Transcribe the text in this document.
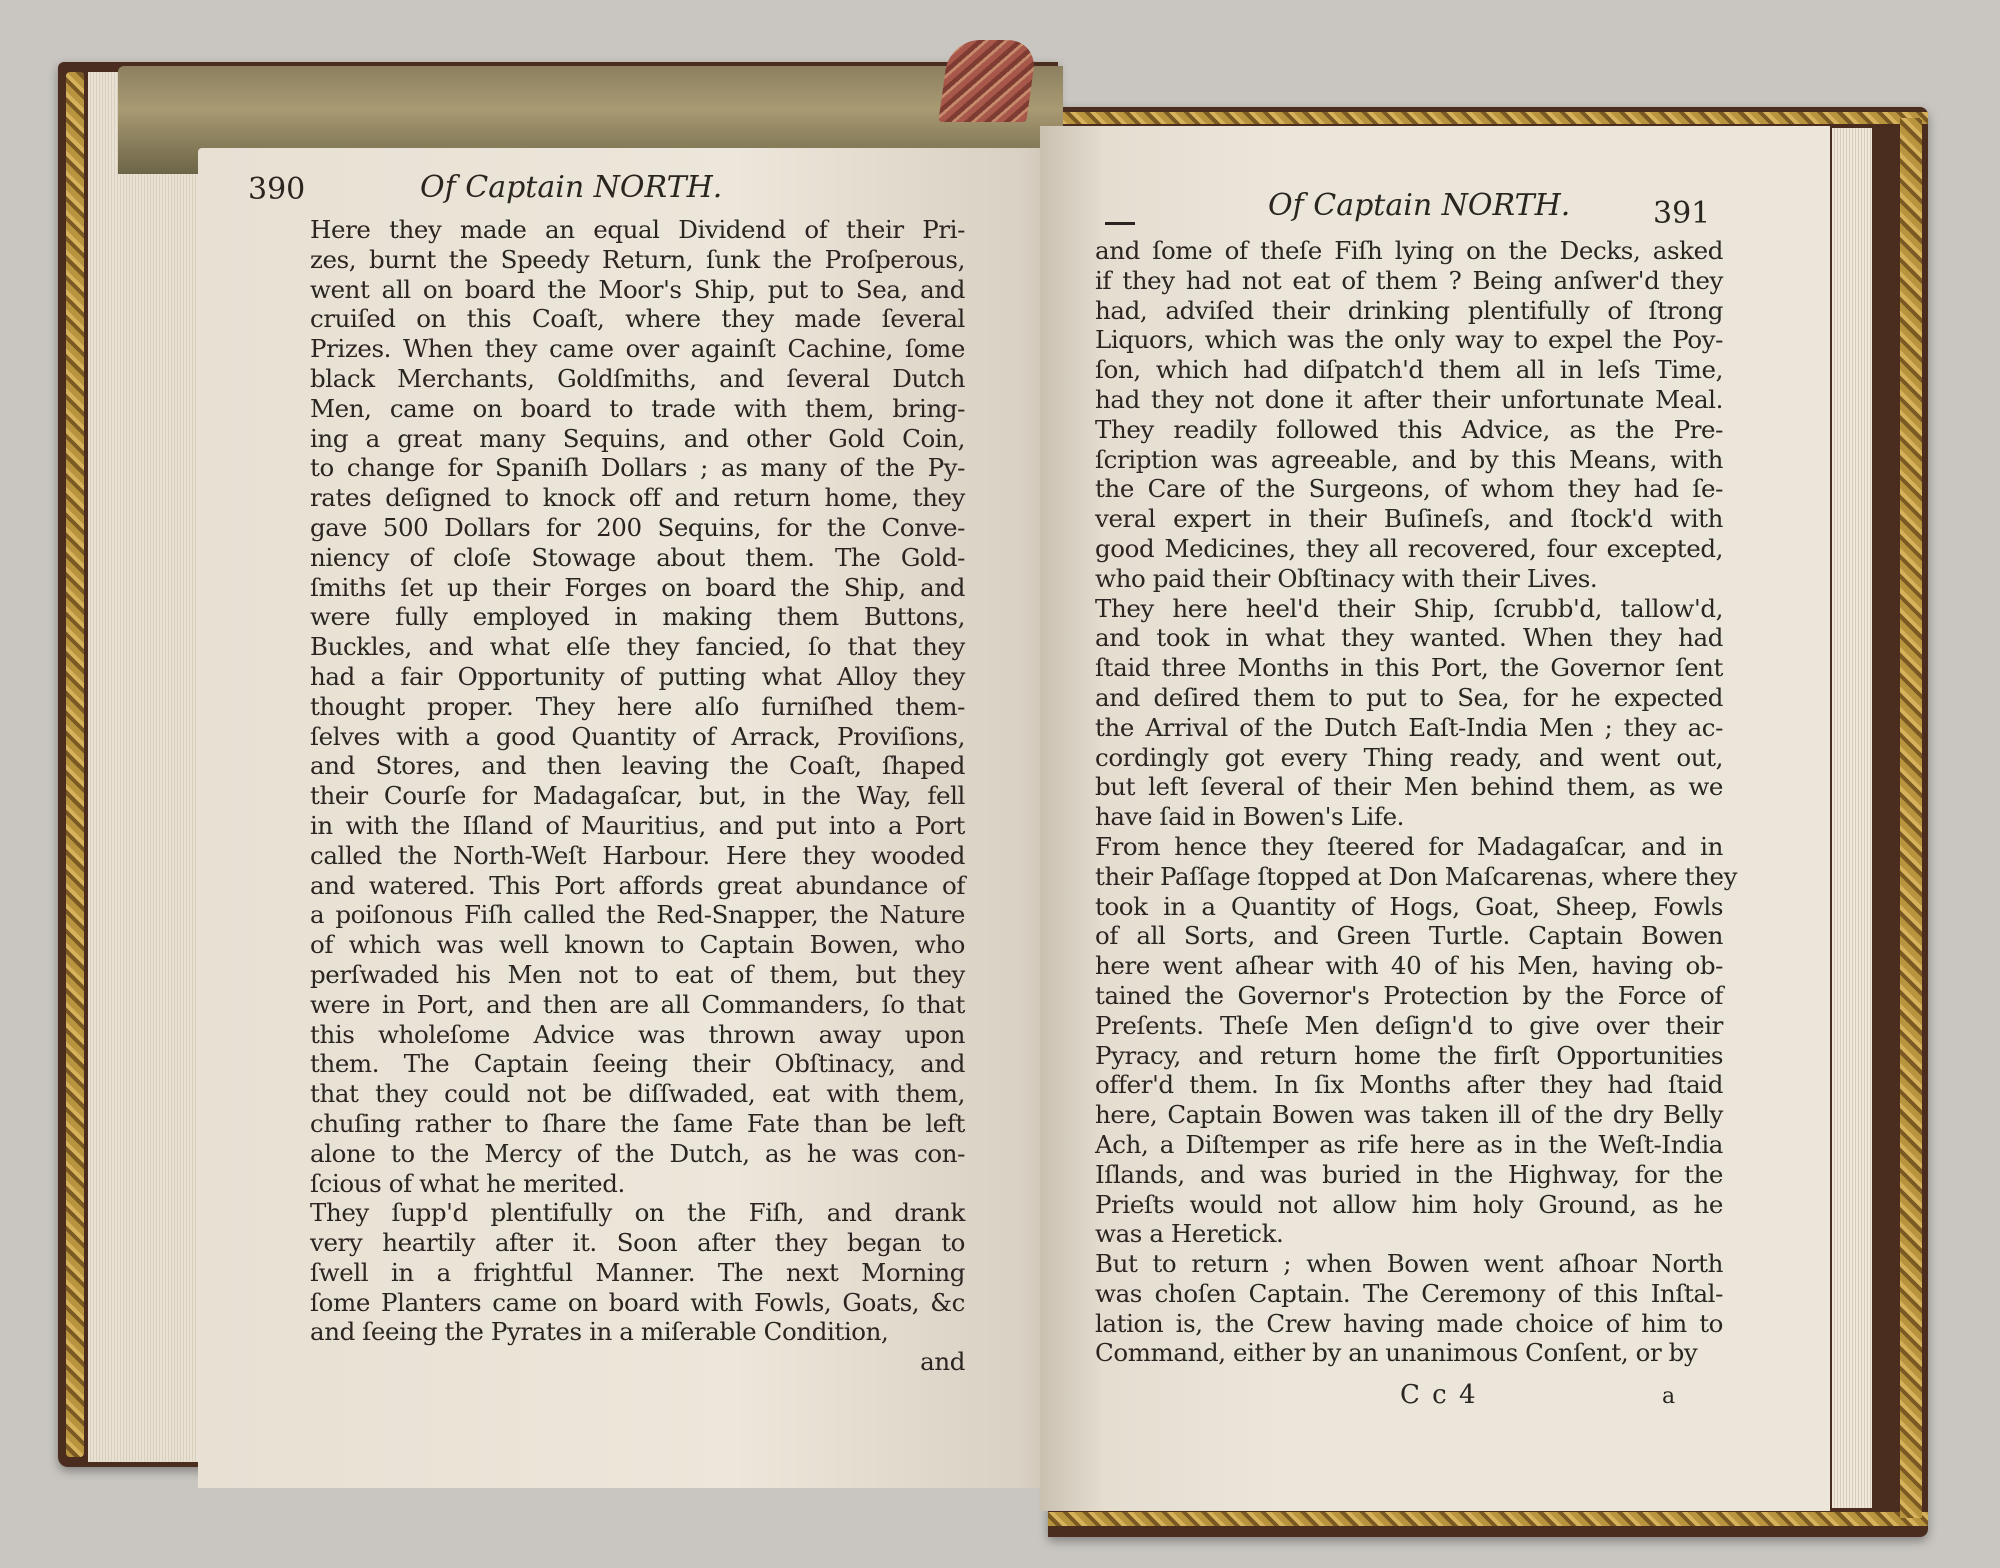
390	Of Captain NORTH.
Of Captain NORTH.	391
Here they made an equal Dividend of their Pri-
zes, burnt the Speedy Return, ſunk the Proſperous,
went all on board the Moor's Ship, put to Sea, and
cruiſed on this Coaſt, where they made ſeveral
Prizes. When they came over againſt Cachine, ſome
black Merchants, Goldſmiths, and ſeveral Dutch
Men, came on board to trade with them, bring-
ing a great many Sequins, and other Gold Coin,
to change for Spaniſh Dollars ; as many of the Py-
rates deſigned to knock off and return home, they
gave 500 Dollars for 200 Sequins, for the Conve-
niency of cloſe Stowage about them. The Gold-
ſmiths ſet up their Forges on board the Ship, and
were fully employed in making them Buttons,
Buckles, and what elſe they fancied, ſo that they
had a fair Opportunity of putting what Alloy they
thought proper. They here alſo furniſhed them-
ſelves with a good Quantity of Arrack, Proviſions,
and Stores, and then leaving the Coaſt, ſhaped
their Courſe for Madagaſcar, but, in the Way, fell
in with the Iſland of Mauritius, and put into a Port
called the North-Weſt Harbour. Here they wooded
and watered. This Port affords great abundance of
a poiſonous Fiſh called the Red-Snapper, the Nature
of which was well known to Captain Bowen, who
perſwaded his Men not to eat of them, but they
were in Port, and then are all Commanders, ſo that
this wholeſome Advice was thrown away upon
them. The Captain ſeeing their Obſtinacy, and
that they could not be diſſwaded, eat with them,
chuſing rather to ſhare the ſame Fate than be left
alone to the Mercy of the Dutch, as he was con-
ſcious of what he merited.
They ſupp'd plentifully on the Fiſh, and drank
very heartily after it. Soon after they began to
ſwell in a frightful Manner. The next Morning
ſome Planters came on board with Fowls, Goats, &c
and ſeeing the Pyrates in a miſerable Condition,
and
and ſome of theſe Fiſh lying on the Decks, asked
if they had not eat of them ? Being anſwer'd they
had, adviſed their drinking plentifully of ſtrong
Liquors, which was the only way to expel the Poy-
ſon, which had diſpatch'd them all in leſs Time,
had they not done it after their unfortunate Meal.
They readily followed this Advice, as the Pre-
ſcription was agreeable, and by this Means, with
the Care of the Surgeons, of whom they had ſe-
veral expert in their Buſineſs, and ſtock'd with
good Medicines, they all recovered, four excepted,
who paid their Obſtinacy with their Lives.
They here heel'd their Ship, ſcrubb'd, tallow'd,
and took in what they wanted. When they had
ſtaid three Months in this Port, the Governor ſent
and deſired them to put to Sea, for he expected
the Arrival of the Dutch Eaſt-India Men ; they ac-
cordingly got every Thing ready, and went out,
but left ſeveral of their Men behind them, as we
have ſaid in Bowen's Life.
From hence they ſteered for Madagaſcar, and in
their Paſſage ſtopped at Don Maſcarenas, where they
took in a Quantity of Hogs, Goat, Sheep, Fowls
of all Sorts, and Green Turtle. Captain Bowen
here went aſhear with 40 of his Men, having ob-
tained the Governor's Protection by the Force of
Preſents. Theſe Men deſign'd to give over their
Pyracy, and return home the firſt Opportunities
offer'd them. In ſix Months after they had ſtaid
here, Captain Bowen was taken ill of the dry Belly
Ach, a Diſtemper as rife here as in the Weſt-India
Iſlands, and was buried in the Highway, for the
Prieſts would not allow him holy Ground, as he
was a Heretick.
But to return ; when Bowen went aſhoar North
was choſen Captain. The Ceremony of this Inſtal-
lation is, the Crew having made choice of him to
Command, either by an unanimous Conſent, or by
C c 4	a
